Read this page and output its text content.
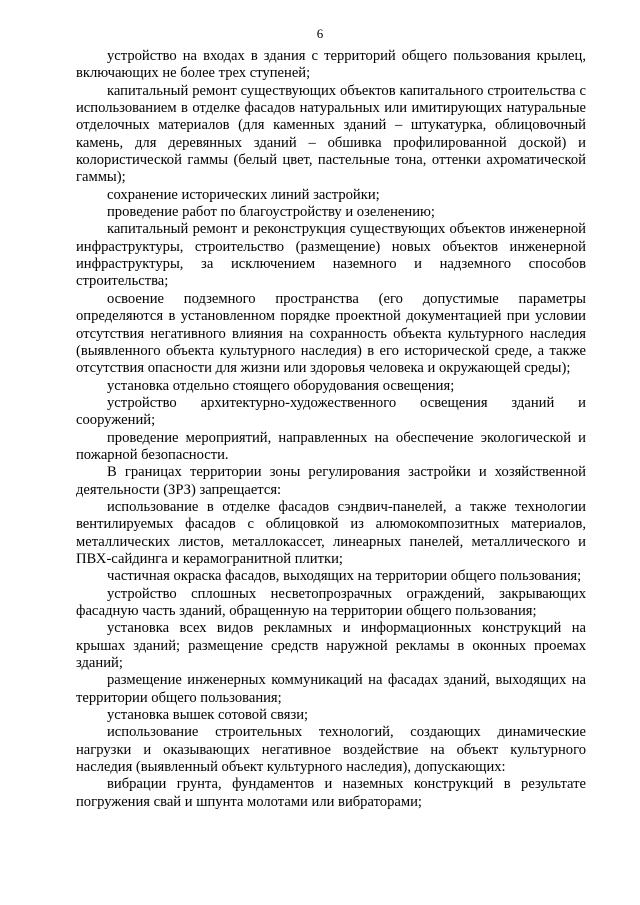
6

устройство на входах в здания с территорий общего пользования крылец, включающих не более трех ступеней;

капитальный ремонт существующих объектов капитального строительства с использованием в отделке фасадов натуральных или имитирующих натуральные отделочных материалов (для каменных зданий – штукатурка, облицовочный камень, для деревянных зданий – обшивка профилированной доской) и колористической гаммы (белый цвет, пастельные тона, оттенки ахроматической гаммы);

сохранение исторических линий застройки;

проведение работ по благоустройству и озеленению;

капитальный ремонт и реконструкция существующих объектов инженерной инфраструктуры, строительство (размещение) новых объектов инженерной инфраструктуры, за исключением наземного и надземного способов строительства;

освоение подземного пространства (его допустимые параметры определяются в установленном порядке проектной документацией при условии отсутствия негативного влияния на сохранность объекта культурного наследия (выявленного объекта культурного наследия) в его исторической среде, а также отсутствия опасности для жизни или здоровья человека и окружающей среды);

установка отдельно стоящего оборудования освещения;

устройство архитектурно-художественного освещения зданий и сооружений;

проведение мероприятий, направленных на обеспечение экологической и пожарной безопасности.

В границах территории зоны регулирования застройки и хозяйственной деятельности (ЗРЗ) запрещается:

использование в отделке фасадов сэндвич-панелей, а также технологии вентилируемых фасадов с облицовкой из алюмокомпозитных материалов, металлических листов, металлокассет, линеарных панелей, металлического и ПВХ-сайдинга и керамогранитной плитки;

частичная окраска фасадов, выходящих на территории общего пользования;

устройство сплошных несветопрозрачных ограждений, закрывающих фасадную часть зданий, обращенную на территории общего пользования;

установка всех видов рекламных и информационных конструкций на крышах зданий; размещение средств наружной рекламы в оконных проемах зданий;

размещение инженерных коммуникаций на фасадах зданий, выходящих на территории общего пользования;

установка вышек сотовой связи;

использование строительных технологий, создающих динамические нагрузки и оказывающих негативное воздействие на объект культурного наследия (выявленный объект культурного наследия), допускающих:

вибрации грунта, фундаментов и наземных конструкций в результате погружения свай и шпунта молотами или вибраторами;
